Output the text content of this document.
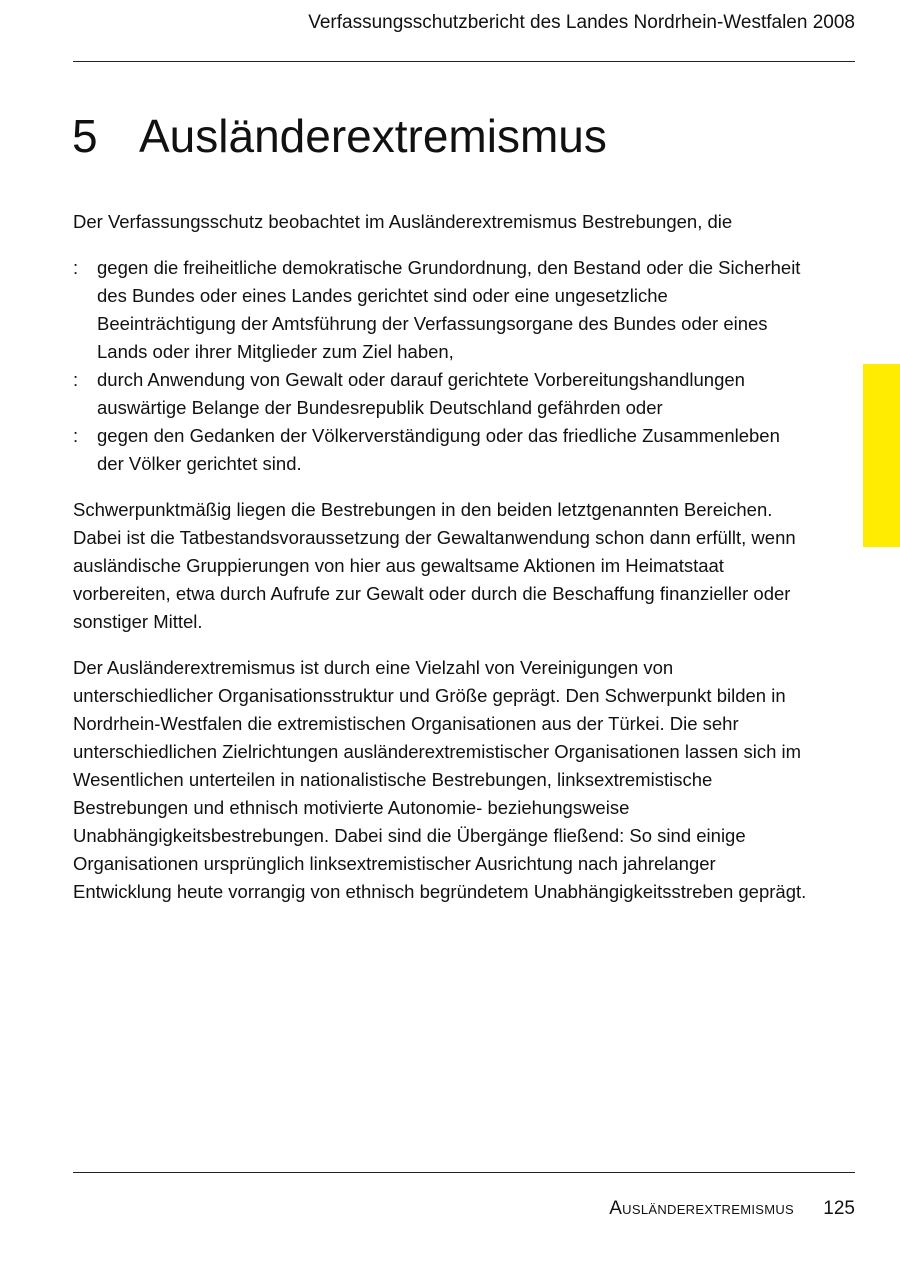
Verfassungsschutzbericht des Landes Nordrhein-Westfalen 2008
5 Ausländerextremismus

Der Verfassungsschutz beobachtet im Ausländerextremismus Bestrebungen, die

: gegen die freiheitliche demokratische Grundordnung, den Bestand oder die Sicherheit des Bundes oder eines Landes gerichtet sind oder eine ungesetzliche Beeinträchtigung der Amtsführung der Verfassungsorgane des Bundes oder eines Lands oder ihrer Mitglieder zum Ziel haben,
: durch Anwendung von Gewalt oder darauf gerichtete Vorbereitungshandlungen auswärtige Belange der Bundesrepublik Deutschland gefährden oder
: gegen den Gedanken der Völkerverständigung oder das friedliche Zusammenleben der Völker gerichtet sind.

Schwerpunktmäßig liegen die Bestrebungen in den beiden letztgenannten Bereichen. Dabei ist die Tatbestandsvoraussetzung der Gewaltanwendung schon dann erfüllt, wenn ausländische Gruppierungen von hier aus gewaltsame Aktionen im Heimatstaat vorbereiten, etwa durch Aufrufe zur Gewalt oder durch die Beschaffung finanzieller oder sonstiger Mittel.

Der Ausländerextremismus ist durch eine Vielzahl von Vereinigungen von unterschiedlicher Organisationsstruktur und Größe geprägt. Den Schwerpunkt bilden in Nordrhein-Westfalen die extremistischen Organisationen aus der Türkei. Die sehr unterschiedlichen Zielrichtungen ausländerextremistischer Organisationen lassen sich im Wesentlichen unterteilen in nationalistische Bestrebungen, linksextremistische Bestrebungen und ethnisch motivierte Autonomie- beziehungsweise Unabhängigkeitsbestrebungen. Dabei sind die Übergänge fließend: So sind einige Organisationen ursprünglich linksextremistischer Ausrichtung nach jahrelanger Entwicklung heute vorrangig von ethnisch begründetem Unabhängigkeitsstreben geprägt.

Ausländerextremismus 125
